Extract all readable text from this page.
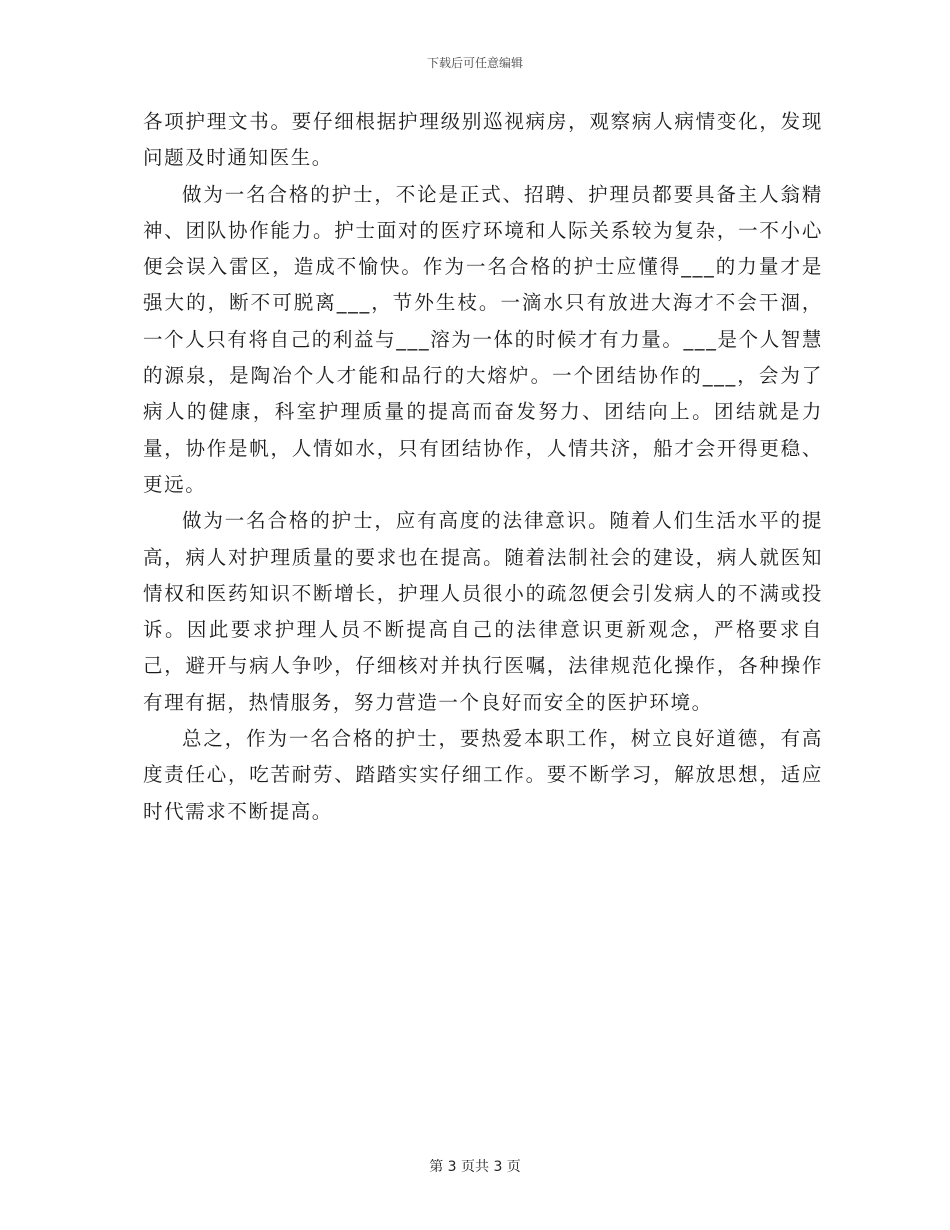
下载后可任意编辑

各项护理文书。要仔细根据护理级别巡视病房，观察病人病情变化，发现问题及时通知医生。

做为一名合格的护士，不论是正式、招聘、护理员都要具备主人翁精神、团队协作能力。护士面对的医疗环境和人际关系较为复杂，一不小心便会误入雷区，造成不愉快。作为一名合格的护士应懂得___的力量才是强大的，断不可脱离___，节外生枝。一滴水只有放进大海才不会干涸，一个人只有将自己的利益与___溶为一体的时候才有力量。___是个人智慧的源泉，是陶冶个人才能和品行的大熔炉。一个团结协作的___，会为了病人的健康，科室护理质量的提高而奋发努力、团结向上。团结就是力量，协作是帆，人情如水，只有团结协作，人情共济，船才会开得更稳、更远。

做为一名合格的护士，应有高度的法律意识。随着人们生活水平的提高，病人对护理质量的要求也在提高。随着法制社会的建设，病人就医知情权和医药知识不断增长，护理人员很小的疏忽便会引发病人的不满或投诉。因此要求护理人员不断提高自己的法律意识更新观念，严格要求自己，避开与病人争吵，仔细核对并执行医嘱，法律规范化操作，各种操作有理有据，热情服务，努力营造一个良好而安全的医护环境。

总之，作为一名合格的护士，要热爱本职工作，树立良好道德，有高度责任心，吃苦耐劳、踏踏实实仔细工作。要不断学习，解放思想，适应时代需求不断提高。

第 3 页共 3 页
